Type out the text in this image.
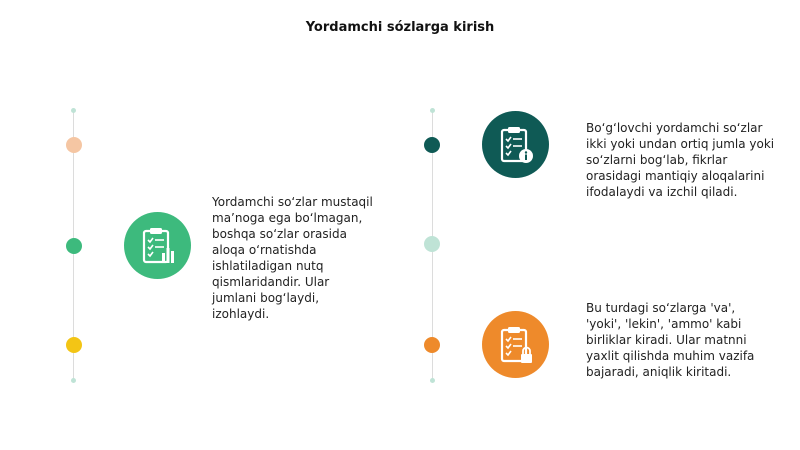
Yordamchi sózlarga kirish
Yordamchi so‘zlar mustaqil ma’noga ega bo‘lmagan, boshqa so‘zlar orasida aloqa o‘rnatishda ishlatiladigan nutq qismlaridandir. Ular jumlani bog‘laydi, izohlaydi.
Bo‘g‘lovchi yordamchi so‘zlar ikki yoki undan ortiq jumla yoki so‘zlarni bog‘lab, fikrlar orasidagi mantiqiy aloqalarini ifodalaydi va izchil qiladi.
Bu turdagi so‘zlarga 'va', 'yoki', 'lekin', 'ammo' kabi birliklar kiradi. Ular matnni yaxlit qilishda muhim vazifa bajaradi, aniqlik kiritadi.
